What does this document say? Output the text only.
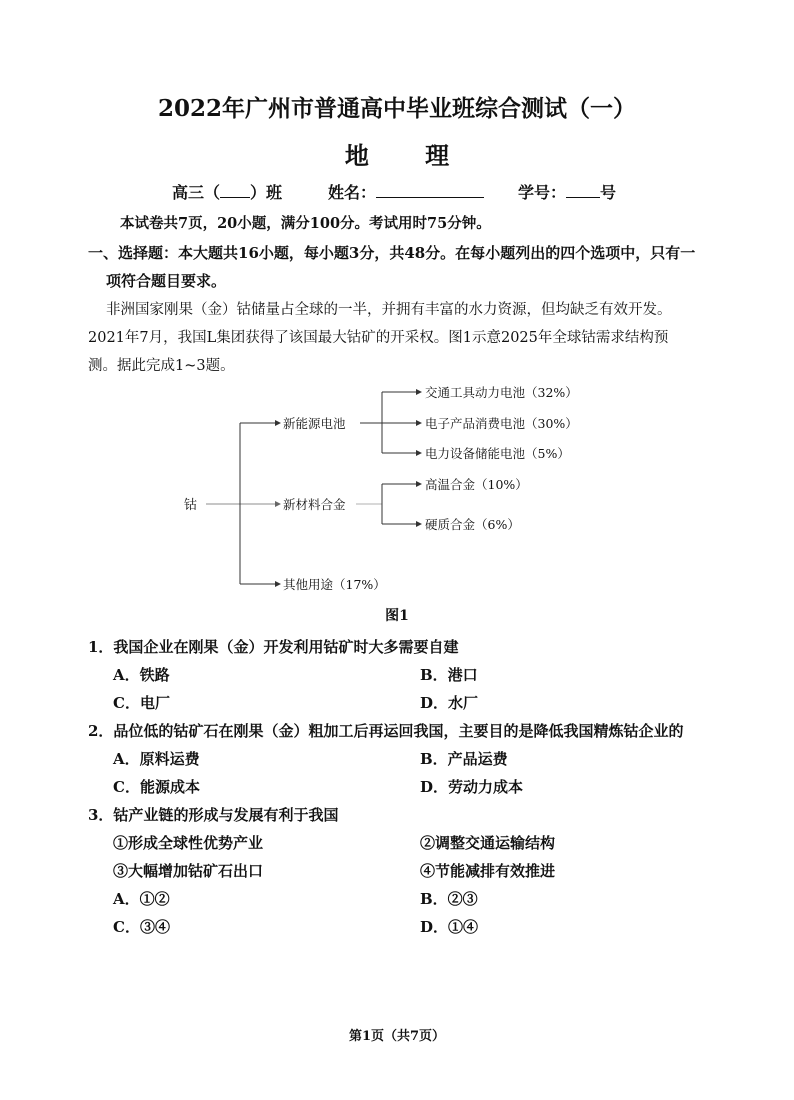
2022年广州市普通高中毕业班综合测试（一）
地 理
高三（ ）班	姓名：	学号： 号
本试卷共7页，20小题，满分100分。考试用时75分钟。
一、选择题：本大题共16小题，每小题3分，共48分。在每小题列出的四个选项中，只有一
项符合题目要求。
非洲国家刚果（金）钴储量占全球的一半，并拥有丰富的水力资源，但均缺乏有效开发。
2021年7月，我国L集团获得了该国最大钴矿的开采权。图1示意2025年全球钴需求结构预
测。据此完成1~3题。
钴
新能源电池
新材料合金
其他用途（17%）
交通工具动力电池（32%）
电子产品消费电池（30%）
电力设备储能电池（5%）
高温合金（10%）
硬质合金（6%）
图1
1．我国企业在刚果（金）开发利用钴矿时大多需要自建
A．铁路	B．港口
C．电厂	D．水厂
2．品位低的钴矿石在刚果（金）粗加工后再运回我国，主要目的是降低我国精炼钴企业的
A．原料运费	B．产品运费
C．能源成本	D．劳动力成本
3．钴产业链的形成与发展有利于我国
①形成全球性优势产业	②调整交通运输结构
③大幅增加钴矿石出口	④节能减排有效推进
A．①②	B．②③
C．③④	D．①④
第1页（共7页）
